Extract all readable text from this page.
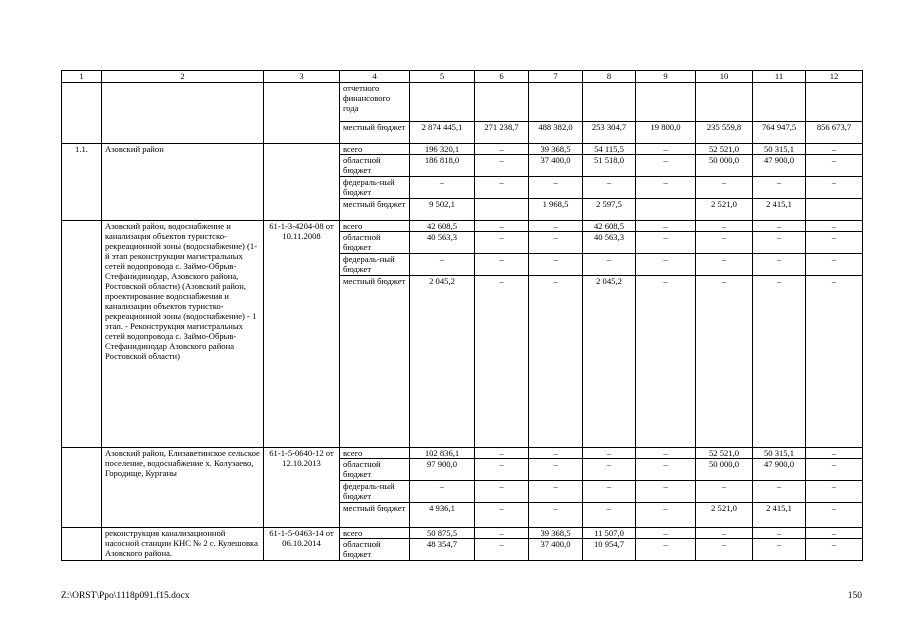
1	2	3	4	5	6	7	8	9	10	11	12
			отчетного финансового года								
			местный бюджет	2 874 445,1	271 238,7	488 382,0	253 304,7	19 800,0	235 559,8	764 947,5	856 673,7
1.1.	Азовский район		всего	196 320,1	–	39 368,5	54 115,5	–	52 521,0	50 315,1	–
			областной бюджет	186 818,0	–	37 400,0	51 518,0	–	50 000,0	47 900,0	–
			федераль-ный бюджет	–	–	–	–	–	–	–	–
			местный бюджет	9 502,1		1 968,5	2 597,5		2 521,0	2 415,1	
	Азовский район, водоснабжение и канализация объектов туристско-рекреационной зоны (водоснабжение) (1-й этап реконструкции магистральных сетей водопровода с. Займо-Обрыв-Стефанидинодар, Азовского района, Ростовской области) (Азовский район, проектирование водоснабжения и канализации объектов туристко-рекреационной зоны (водоснабжение) - 1 этап. - Реконструкция магистральных сетей водопровода с. Займо-Обрыв-Стефанидинодар Азовского района Ростовской области)	61-1-3-4204-08 от 10.11.2008	всего	42 608,5	–	–	42 608,5	–	–	–	–
			областной бюджет	40 563,3	–	–	40 563,3	–	–	–	–
			федераль-ный бюджет	–	–	–	–	–	–	–	–
			местный бюджет	2 045,2	–	–	2 045,2	–	–	–	–
	Азовский район, Елизаветинское сельское поселение, водоснабжение х. Колузаево, Городище, Курганы	61-1-5-0640-12 от 12.10.2013	всего	102 836,1	–	–	–	–	52 521,0	50 315,1	–
			областной бюджет	97 900,0	–	–	–	–	50 000,0	47 900,0	–
			федераль-ный бюджет	–	–	–	–	–	–	–	–
			местный бюджет	4 936,1	–	–	–	–	2 521,0	2 415,1	–
	реконструкция канализационной насосной станции КНС № 2 с. Кулешовка Азовского района.	61-1-5-0463-14 от 06.10.2014	всего	50 875,5	–	39 368,5	11 507,0	–	–	–	–
			областной бюджет	48 354,7	–	37 400,0	10 954,7	–	–	–	–
Z:\ORST\Ppo\1118p091.f15.docx	150
